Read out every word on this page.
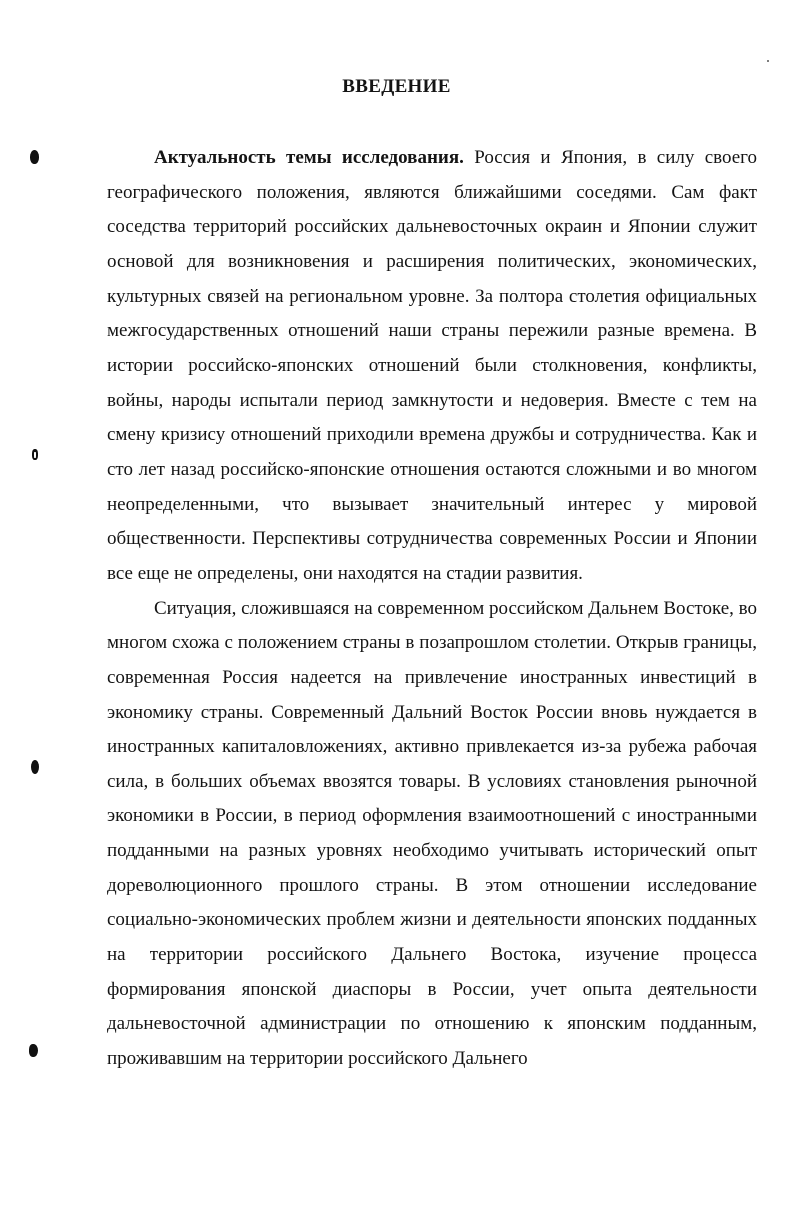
ВВЕДЕНИЕ

Актуальность темы исследования. Россия и Япония, в силу своего географического положения, являются ближайшими соседями. Сам факт соседства территорий российских дальневосточных окраин и Японии служит основой для возникновения и расширения политических, экономических, культурных связей на региональном уровне. За полтора столетия официальных межгосударственных отношений наши страны пережили разные времена. В истории российско-японских отношений были столкновения, конфликты, войны, народы испытали период замкнутости и недоверия. Вместе с тем на смену кризису отношений приходили времена дружбы и сотрудничества. Как и сто лет назад российско-японские отношения остаются сложными и во многом неопределенными, что вызывает значительный интерес у мировой общественности. Перспективы сотрудничества современных России и Японии все еще не определены, они находятся на стадии развития.

Ситуация, сложившаяся на современном российском Дальнем Востоке, во многом схожа с положением страны в позапрошлом столетии. Открыв границы, современная Россия надеется на привлечение иностранных инвестиций в экономику страны. Современный Дальний Восток России вновь нуждается в иностранных капиталовложениях, активно привлекается из-за рубежа рабочая сила, в больших объемах ввозятся товары. В условиях становления рыночной экономики в России, в период оформления взаимоотношений с иностранными подданными на разных уровнях необходимо учитывать исторический опыт дореволюционного прошлого страны. В этом отношении исследование социально-экономических проблем жизни и деятельности японских подданных на территории российского Дальнего Востока, изучение процесса формирования японской диаспоры в России, учет опыта деятельности дальневосточной администрации по отношению к японским подданным, проживавшим на территории российского Дальнего
